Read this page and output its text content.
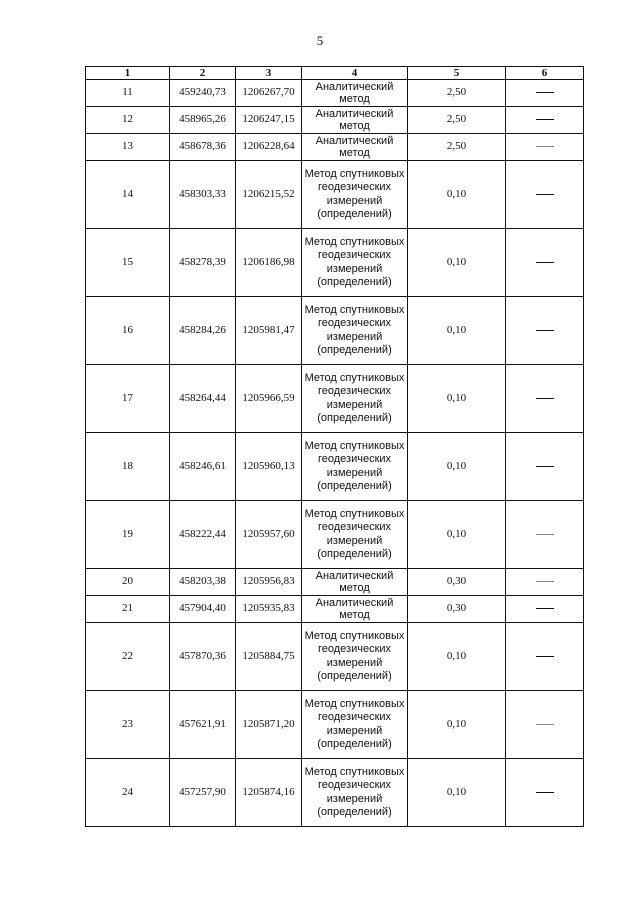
5
1	2	3	4	5	6
11	459240,73	1206267,70	Аналитический метод	2,50	
12	458965,26	1206247,15	Аналитический метод	2,50	
13	458678,36	1206228,64	Аналитический метод	2,50	
14	458303,33	1206215,52	Метод спутниковых геодезических измерений (определений)	0,10	
15	458278,39	1206186,98	Метод спутниковых геодезических измерений (определений)	0,10	
16	458284,26	1205981,47	Метод спутниковых геодезических измерений (определений)	0,10	
17	458264,44	1205966,59	Метод спутниковых геодезических измерений (определений)	0,10	
18	458246,61	1205960,13	Метод спутниковых геодезических измерений (определений)	0,10	
19	458222,44	1205957,60	Метод спутниковых геодезических измерений (определений)	0,10	
20	458203,38	1205956,83	Аналитический метод	0,30	
21	457904,40	1205935,83	Аналитический метод	0,30	
22	457870,36	1205884,75	Метод спутниковых геодезических измерений (определений)	0,10	
23	457621,91	1205871,20	Метод спутниковых геодезических измерений (определений)	0,10	
24	457257,90	1205874,16	Метод спутниковых геодезических измерений (определений)	0,10	
